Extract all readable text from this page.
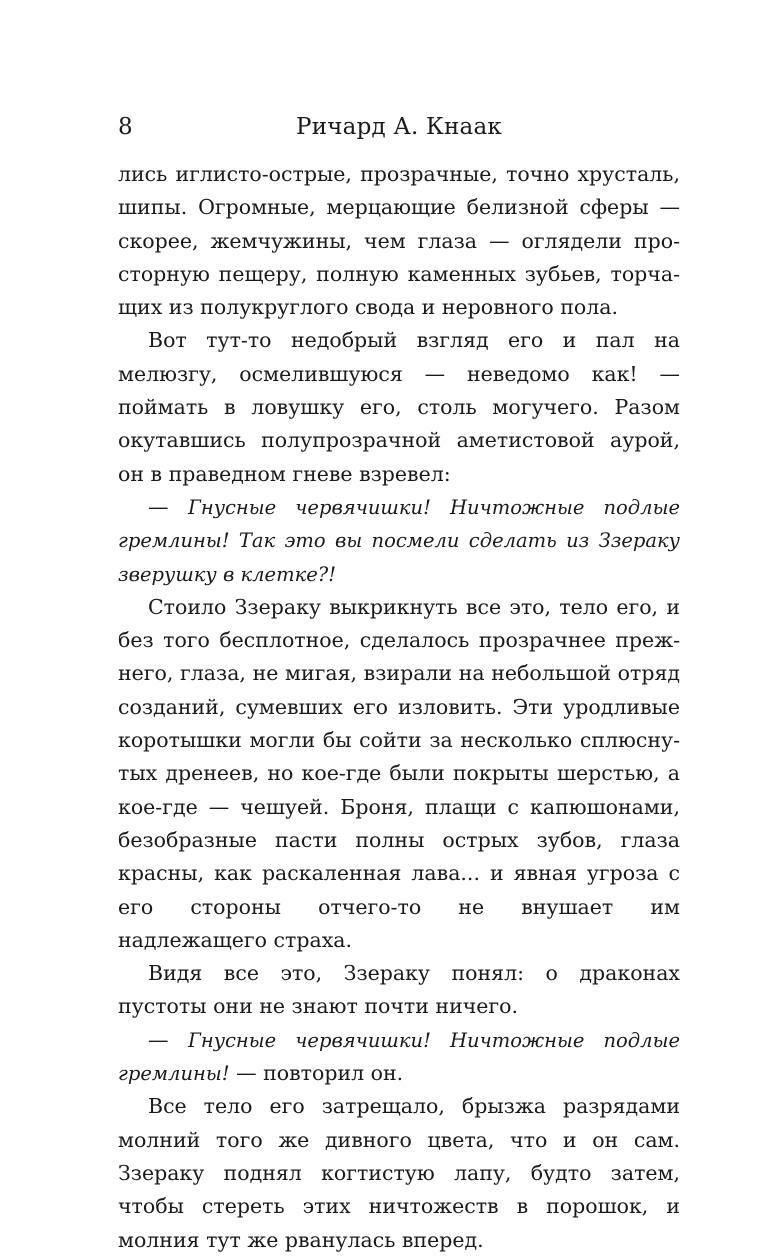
8	Ричард А. Кнаак

лись иглисто-острые, прозрачные, точно хрусталь, шипы. Огромные, мерцающие белизной сферы — скорее, жемчужины, чем глаза — оглядели просторную пещеру, полную каменных зубьев, торчащих из полукруглого свода и неровного пола.

Вот тут-то недобрый взгляд его и пал на мелюзгу, осмелившуюся — неведомо как! — поймать в ловушку его, столь могучего. Разом окутавшись полупрозрачной аметистовой аурой, он в праведном гневе взревел:

— Гнусные червячишки! Ничтожные подлые гремлины! Так это вы посмели сделать из Ззераку зверушку в клетке?!

Стоило Ззераку выкрикнуть все это, тело его, и без того бесплотное, сделалось прозрачнее прежнего, глаза, не мигая, взирали на небольшой отряд созданий, сумевших его изловить. Эти уродливые коротышки могли бы сойти за несколько сплюснутых дренеев, но кое-где были покрыты шерстью, а кое-где — чешуей. Броня, плащи с капюшонами, безобразные пасти полны острых зубов, глаза красны, как раскаленная лава... и явная угроза с его стороны отчего-то не внушает им надлежащего страха.

Видя все это, Ззераку понял: о драконах пустоты они не знают почти ничего.

— Гнусные червячишки! Ничтожные подлые гремлины! — повторил он.

Все тело его затрещало, брызжа разрядами молний того же дивного цвета, что и он сам. Ззераку поднял когтистую лапу, будто затем, чтобы стереть этих ничтожеств в порошок, и молния тут же рванулась вперед.
